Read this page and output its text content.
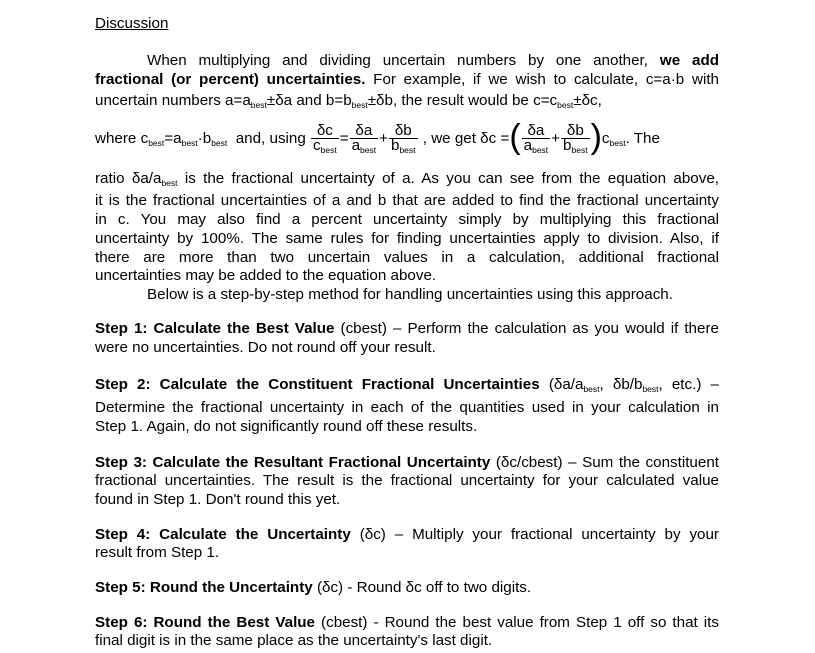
Discussion
When multiplying and dividing uncertain numbers by one another, we add
fractional (or percent) uncertainties. For example, if we wish to calculate, c=a·b with
uncertain numbers a=abest±δa and b=bbest±δb, the result would be c=cbest±δc,
where cbest=abest·bbest and, using $\frac{\delta c}{\text{cbest}} = \frac{\delta a}{\text{abest}} + \frac{\delta b}{\text{bbest}}$ , we get δc =( $\frac{\delta a}{\text{abest}} + \frac{\delta b}{\text{bbest}}$ )cbest. The
ratio δa/abest is the fractional uncertainty of a. As you can see from the equation above,
it is the fractional uncertainties of a and b that are added to find the fractional uncertainty
in c. You may also find a percent uncertainty simply by multiplying this fractional
uncertainty by 100%. The same rules for finding uncertainties apply to division. Also, if
there are more than two uncertain values in a calculation, additional fractional
uncertainties may be added to the equation above.
Below is a step-by-step method for handling uncertainties using this approach.
Step 1: Calculate the Best Value (cbest) – Perform the calculation as you would if there
were no uncertainties. Do not round off your result.
Step 2: Calculate the Constituent Fractional Uncertainties (δa/abest, δb/bbest, etc.) –
Determine the fractional uncertainty in each of the quantities used in your calculation in
Step 1. Again, do not significantly round off these results.
Step 3: Calculate the Resultant Fractional Uncertainty (δc/cbest) – Sum the constituent
fractional uncertainties. The result is the fractional uncertainty for your calculated value
found in Step 1. Don't round this yet.
Step 4: Calculate the Uncertainty (δc) – Multiply your fractional uncertainty by your
result from Step 1.
Step 5: Round the Uncertainty (δc) - Round δc off to two digits.
Step 6: Round the Best Value (cbest) - Round the best value from Step 1 off so that its
final digit is in the same place as the uncertainty's last digit.
